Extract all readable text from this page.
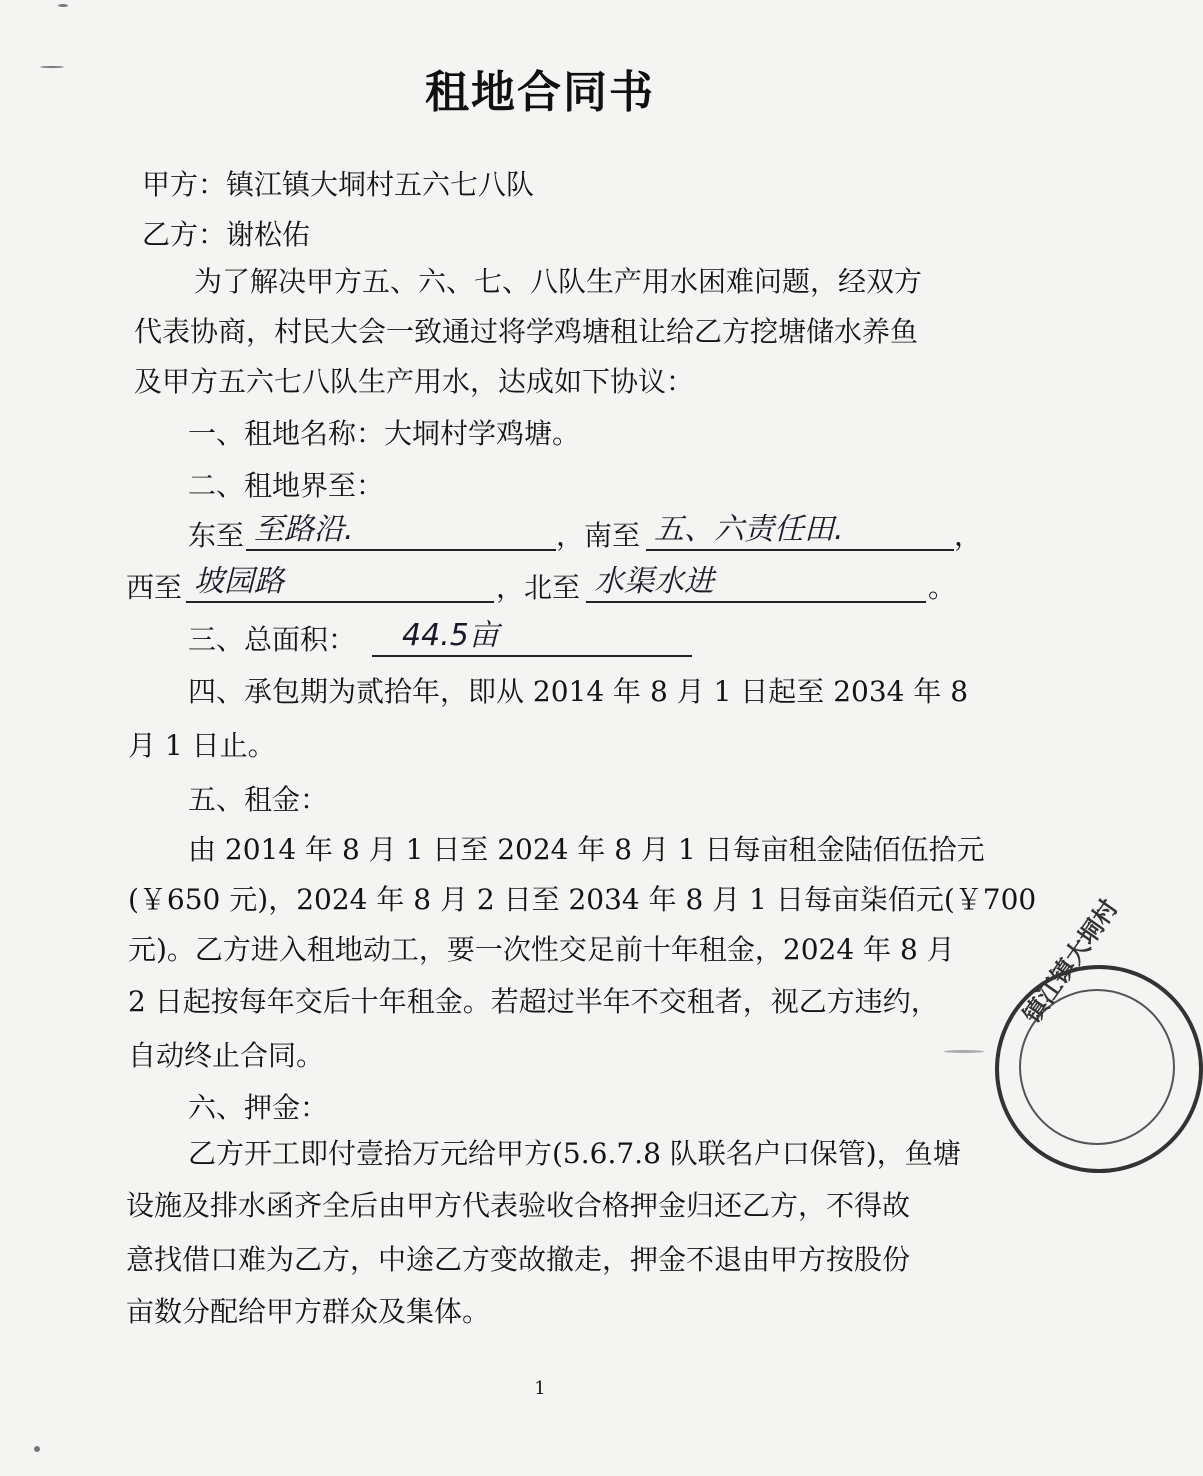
租地合同书
甲方：镇江镇大垌村五六七八队
乙方：谢松佑
为了解决甲方五、六、七、八队生产用水困难问题，经双方
代表协商，村民大会一致通过将学鸡塘租让给乙方挖塘储水养鱼
及甲方五六七八队生产用水，达成如下协议：
一、租地名称：大垌村学鸡塘。
二、租地界至：
东至 至路沿.	，南至 五、六责任田.	，
西至 坡园路	，北至 水渠水进	。
三、总面积：	44.5亩
四、承包期为贰拾年，即从 2014 年 8 月 1 日起至 2034 年 8
月 1 日止。
五、租金：
由 2014 年 8 月 1 日至 2024 年 8 月 1 日每亩租金陆佰伍拾元
(￥650 元)，2024 年 8 月 2 日至 2034 年 8 月 1 日每亩柒佰元(￥700
元)。乙方进入租地动工，要一次性交足前十年租金，2024 年 8 月
2 日起按每年交后十年租金。若超过半年不交租者，视乙方违约，
自动终止合同。
六、押金：
乙方开工即付壹拾万元给甲方(5.6.7.8 队联名户口保管)，鱼塘
设施及排水函齐全后由甲方代表验收合格押金归还乙方，不得故
意找借口难为乙方，中途乙方变故撤走，押金不退由甲方按股份
亩数分配给甲方群众及集体。
1
镇江镇大垌村
